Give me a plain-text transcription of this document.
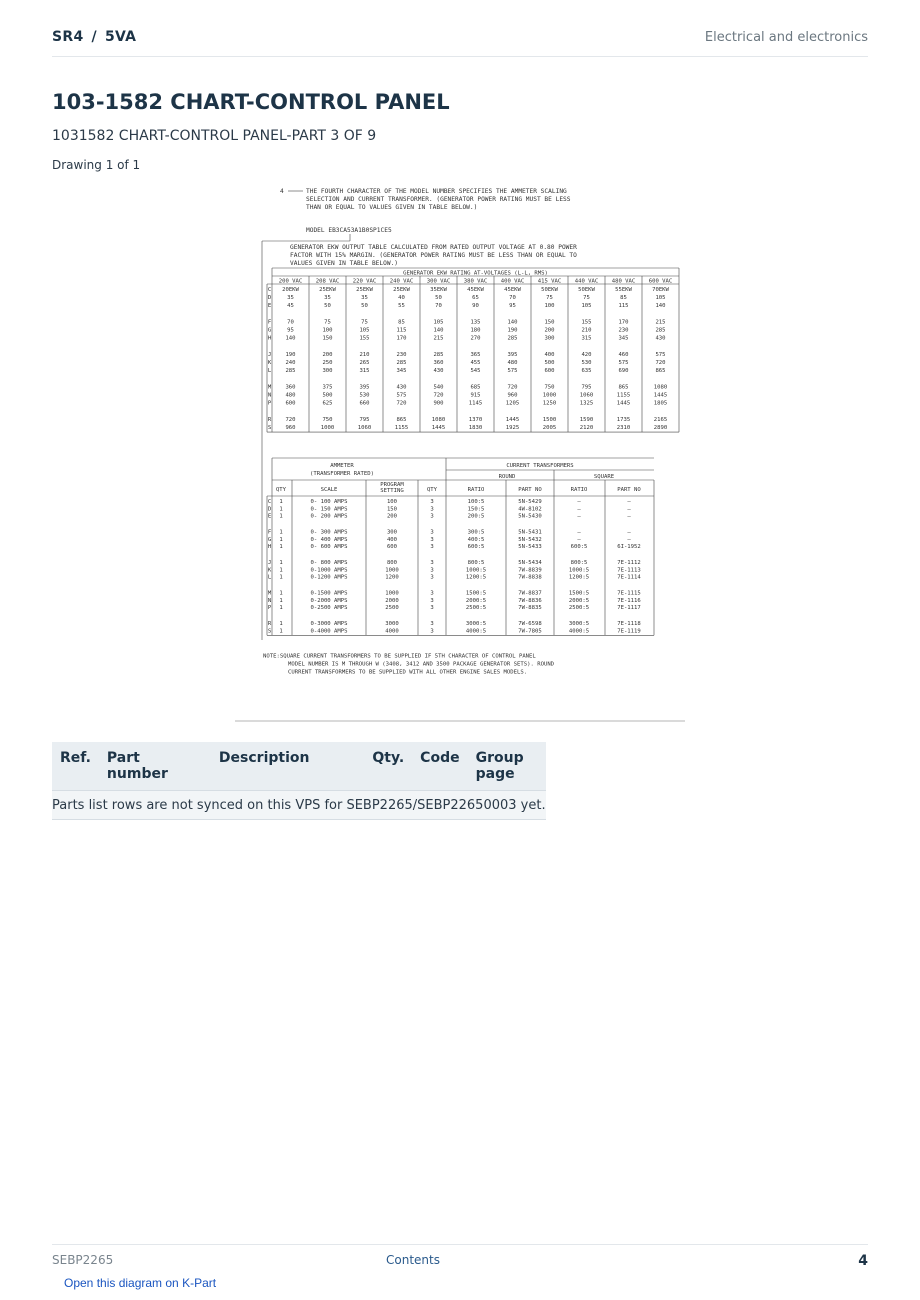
SR4 / 5VA	Electrical and electronics
103-1582 CHART-CONTROL PANEL
1031582 CHART-CONTROL PANEL-PART 3 OF 9
Drawing 1 of 1
4	THE FOURTH CHARACTER OF THE MODEL NUMBER SPECIFIES THE AMMETER SCALING
SELECTION AND CURRENT TRANSFORMER. (GENERATOR POWER RATING MUST BE LESS
THAN OR EQUAL TO VALUES GIVEN IN TABLE BELOW.)
MODEL EB3CA53A1B0SP1CE5
GENERATOR EKW OUTPUT TABLE CALCULATED FROM RATED OUTPUT VOLTAGE AT 0.80 POWER
FACTOR WITH 15% MARGIN. (GENERATOR POWER RATING MUST BE LESS THAN OR EQUAL TO
VALUES GIVEN IN TABLE BELOW.)
GENERATOR EKW RATING AT-VOLTAGES (L-L, RMS)
200 VAC 208 VAC 220 VAC 240 VAC 300 VAC 380 VAC 400 VAC 415 VAC 440 VAC 480 VAC 600 VAC
C 20EKW	25EKW	25EKW	25EKW	35EKW	45EKW	45EKW	50EKW	50EKW	55EKW	70EKW
D	35	35	35	40	50	65	70	75	75	85	105
E	45	50	50	55	70	90	95	100	105	115	140
F	70	75	75	85	105	135	140	150	155	170	215
G	95	100	105	115	140	180	190	200	210	230	285
H	140	150	155	170	215	270	285	300	315	345	430
J	190	200	210	230	285	365	395	400	420	460	575
K	240	250	265	285	360	455	480	500	530	575	720
L	285	300	315	345	430	545	575	600	635	690	865
M	360	375	395	430	540	685	720	750	795	865	1080
N	480	500	530	575	720	915	960	1000	1060	1155	1445
P	600	625	660	720	900	1145	1205	1250	1325	1445	1805
R	720	750	795	865	1080	1370	1445	1500	1590	1735	2165
S	960	1000	1060	1155	1445	1830	1925	2005	2120	2310	2890
AMMETER
(TRANSFORMER RATED)
CURRENT TRANSFORMERS
ROUND	SQUARE
QTY	SCALE
PROGRAM
SETTING	QTY	RATIO	PART NO	RATIO	PART NO
C 1	0- 100 AMPS	100	3	100:5	5N-5429	—	—
D 1	0- 150 AMPS	150	3	150:5	4W-8102	—	—
E 1	0- 200 AMPS	200	3	200:5	5N-5430	—	—
F 1	0- 300 AMPS	300	3	300:5	5N-5431	—	—
G 1	0- 400 AMPS	400	3	400:5	5N-5432	—	—
H 1	0- 600 AMPS	600	3	600:5	5N-5433	600:5	6I-1952
J 1	0- 800 AMPS	800	3	800:5	5N-5434	800:5	7E-1112
K 1	0-1000 AMPS	1000	3	1000:5	7W-8839	1000:5	7E-1113
L 1	0-1200 AMPS	1200	3	1200:5	7W-8838	1200:5	7E-1114
M 1	0-1500 AMPS	1000	3	1500:5	7W-8837	1500:5	7E-1115
N 1	0-2000 AMPS	2000	3	2000:5	7W-8836	2000:5	7E-1116
P 1	0-2500 AMPS	2500	3	2500:5	7W-8835	2500:5	7E-1117
R 1	0-3000 AMPS	3000	3	3000:5	7W-6598	3000:5	7E-1118
S 1	0-4000 AMPS	4000	3	4000:5	7W-7805	4000:5	7E-1119
NOTE:SQUARE CURRENT TRANSFORMERS TO BE SUPPLIED IF 5TH CHARACTER OF CONTROL PANEL
MODEL NUMBER IS M THROUGH W (3408, 3412 AND 3500 PACKAGE GENERATOR SETS). ROUND
CURRENT TRANSFORMERS TO BE SUPPLIED WITH ALL OTHER ENGINE SALES MODELS.
Ref.	Part number	Description	Qty.	Code	Group page
Parts list rows are not synced on this VPS for SEBP2265/SEBP22650003 yet.
SEBP2265	Contents	4
Open this diagram on K-Part
